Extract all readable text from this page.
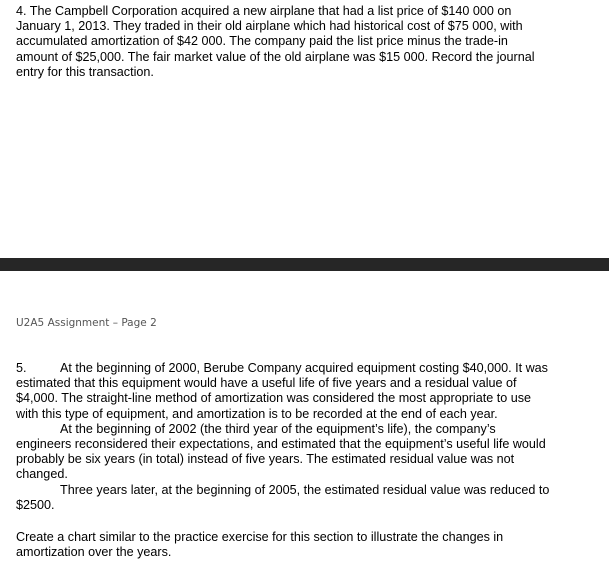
4. The Campbell Corporation acquired a new airplane that had a list price of $140 000 on
January 1, 2013. They traded in their old airplane which had historical cost of $75 000, with
accumulated amortization of $42 000. The company paid the list price minus the trade-in
amount of $25,000. The fair market value of the old airplane was $15 000. Record the journal
entry for this transaction.

U2A5 Assignment – Page 2

5.	At the beginning of 2000, Berube Company acquired equipment costing $40,000. It was
estimated that this equipment would have a useful life of five years and a residual value of
$4,000. The straight-line method of amortization was considered the most appropriate to use
with this type of equipment, and amortization is to be recorded at the end of each year.
At the beginning of 2002 (the third year of the equipment’s life), the company’s
engineers reconsidered their expectations, and estimated that the equipment’s useful life would
probably be six years (in total) instead of five years. The estimated residual value was not
changed.
Three years later, at the beginning of 2005, the estimated residual value was reduced to
$2500.
Create a chart similar to the practice exercise for this section to illustrate the changes in
amortization over the years.
